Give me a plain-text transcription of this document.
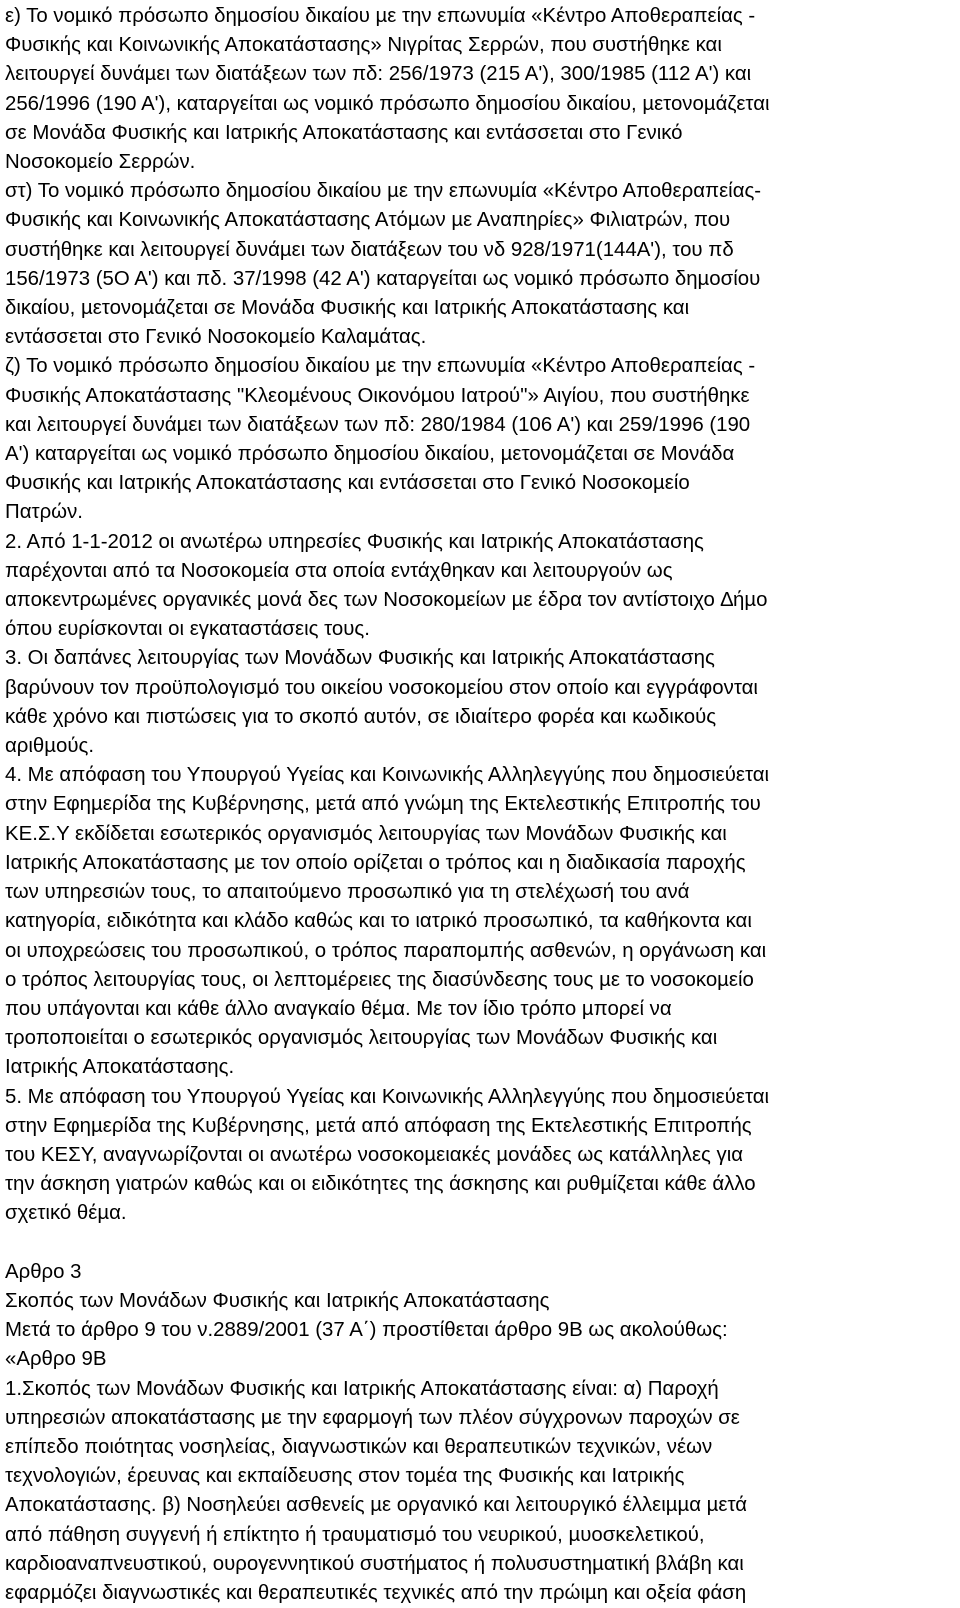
ε) Το νοµικό πρόσωπο δηµοσίου δικαίου µε την επωνυµία «Κέντρο Αποθεραπείας -
Φυσικής και Κοινωνικής Αποκατάστασης» Νιγρίτας Σερρών, που συστήθηκε και
λειτουργεί δυνάµει των διατάξεων των πδ: 256/1973 (215 Α'), 300/1985 (112 Α') και
256/1996 (190 Α'), καταργείται ως νοµικό πρόσωπο δηµοσίου δικαίου, µετονοµάζεται
σε Μονάδα Φυσικής και Ιατρικής Αποκατάστασης και εντάσσεται στο Γενικό
Νοσοκοµείο Σερρών.
στ) Το νοµικό πρόσωπο δηµοσίου δικαίου µε την επωνυµία «Κέντρο Αποθεραπείας-
Φυσικής και Κοινωνικής Αποκατάστασης Ατόµων µε Αναπηρίες» Φιλιατρών, που
συστήθηκε και λειτουργεί δυνάµει των διατάξεων του νδ 928/1971(144Α'), του πδ
156/1973 (5Ο Α') και πδ. 37/1998 (42 Α') καταργείται ως νοµικό πρόσωπο δηµοσίου
δικαίου, µετονοµάζεται σε Μονάδα Φυσικής και Ιατρικής Αποκατάστασης και
εντάσσεται στο Γενικό Νοσοκοµείο Καλαµάτας.
ζ) Το νοµικό πρόσωπο δηµοσίου δικαίου µε την επωνυµία «Κέντρο Αποθεραπείας -
Φυσικής Αποκατάστασης "Κλεοµένους Οικονόµου Ιατρού"» Αιγίου, που συστήθηκε
και λειτουργεί δυνάµει των διατάξεων των πδ: 280/1984 (106 Α') και 259/1996 (190
Α') καταργείται ως νοµικό πρόσωπο δηµοσίου δικαίου, µετονοµάζεται σε Μονάδα
Φυσικής και Ιατρικής Αποκατάστασης και εντάσσεται στο Γενικό Νοσοκοµείο
Πατρών.
2. Από 1-1-2012 οι ανωτέρω υπηρεσίες Φυσικής και Ιατρικής Αποκατάστασης
παρέχονται από τα Νοσοκοµεία στα οποία εντάχθηκαν και λειτουργούν ως
αποκεντρωµένες οργανικές µονά δες των Νοσοκοµείων µε έδρα τον αντίστοιχο ∆ήµο
όπου ευρίσκονται οι εγκαταστάσεις τους.
3. Οι δαπάνες λειτουργίας των Μονάδων Φυσικής και Ιατρικής Αποκατάστασης
βαρύνουν τον προϋπολογισµό του οικείου νοσοκοµείου στον οποίο και εγγράφονται
κάθε χρόνο και πιστώσεις για το σκοπό αυτόν, σε ιδιαίτερο φορέα και κωδικούς
αριθµούς.
4. Με απόφαση του Υπουργού Υγείας και Κοινωνικής Αλληλεγγύης που δηµοσιεύεται
στην Εφηµερίδα της Κυβέρνησης, µετά από γνώµη της Εκτελεστικής Επιτροπής του
ΚΕ.Σ.Υ εκδίδεται εσωτερικός οργανισµός λειτουργίας των Μονάδων Φυσικής και
Ιατρικής Αποκατάστασης µε τον οποίο ορίζεται ο τρόπος και η διαδικασία παροχής
των υπηρεσιών τους, το απαιτούµενο προσωπικό για τη στελέχωσή του ανά
κατηγορία, ειδικότητα και κλάδο καθώς και το ιατρικό προσωπικό, τα καθήκοντα και
οι υποχρεώσεις του προσωπικού, ο τρόπος παραποµπής ασθενών, η οργάνωση και
ο τρόπος λειτουργίας τους, οι λεπτοµέρειες της διασύνδεσης τους µε το νοσοκοµείο
που υπάγονται και κάθε άλλο αναγκαίο θέµα. Με τον ίδιο τρόπο µπορεί να
τροποποιείται ο εσωτερικός οργανισµός λειτουργίας των Μονάδων Φυσικής και
Ιατρικής Αποκατάστασης.
5. Με απόφαση του Υπουργού Υγείας και Κοινωνικής Αλληλεγγύης που δηµοσιεύεται
στην Εφηµερίδα της Κυβέρνησης, µετά από απόφαση της Εκτελεστικής Επιτροπής
του ΚΕΣΥ, αναγνωρίζονται οι ανωτέρω νοσοκοµειακές µονάδες ως κατάλληλες για
την άσκηση γιατρών καθώς και οι ειδικότητες της άσκησης και ρυθµίζεται κάθε άλλο
σχετικό θέµα.
Αρθρο 3
Σκοπός των Μονάδων Φυσικής και Ιατρικής Αποκατάστασης
Μετά το άρθρο 9 του ν.2889/2001 (37 Α΄) προστίθεται άρθρο 9Β ως ακολούθως:
«Αρθρο 9Β
1.Σκοπός των Μονάδων Φυσικής και Ιατρικής Αποκατάστασης είναι: α) Παροχή
υπηρεσιών αποκατάστασης µε την εφαρµογή των πλέον σύγχρονων παροχών σε
επίπεδο ποιότητας νοσηλείας, διαγνωστικών και θεραπευτικών τεχνικών, νέων
τεχνολογιών, έρευνας και εκπαίδευσης στον τοµέα της Φυσικής και Ιατρικής
Αποκατάστασης. β) Νοσηλεύει ασθενείς µε οργανικό και λειτουργικό έλλειµµα µετά
από πάθηση συγγενή ή επίκτητο ή τραυµατισµό του νευρικού, µυοσκελετικού,
καρδιοαναπνευστικού, ουρογεννητικού συστήµατος ή πολυσυστηµατική βλάβη και
εφαρµόζει διαγνωστικές και θεραπευτικές τεχνικές από την πρώιµη και οξεία φάση
